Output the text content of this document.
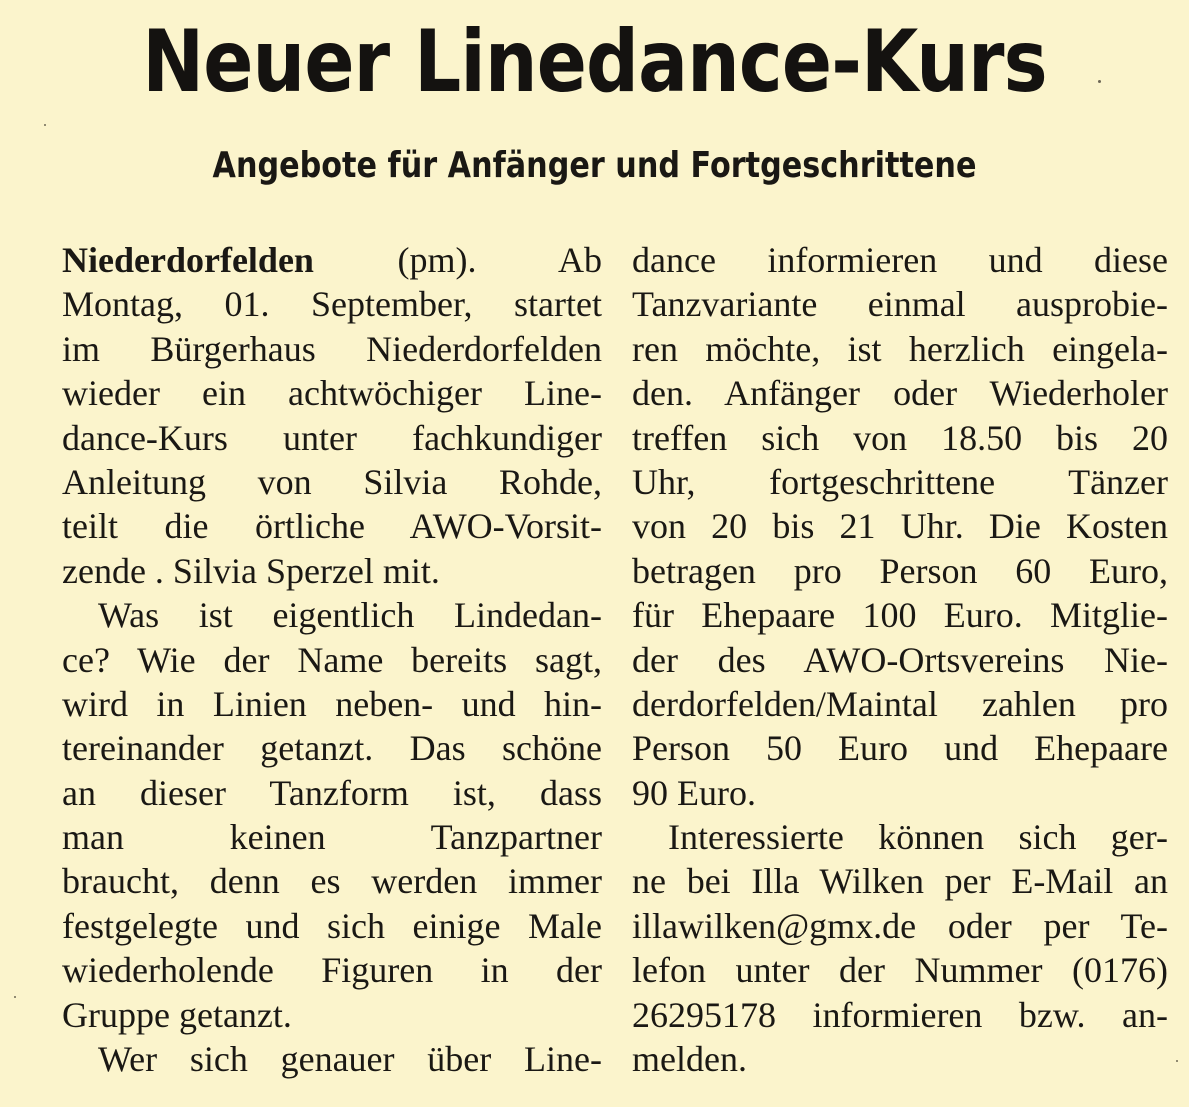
Neuer Linedance-Kurs
Angebote für Anfänger und Fortgeschrittene
Niederdorfelden (pm). Ab
Montag, 01. September, startet
im Bürgerhaus Niederdorfelden
wieder ein achtwöchiger Line-
dance-Kurs unter fachkundiger
Anleitung von Silvia Rohde,
teilt die örtliche AWO-Vorsit-
zende . Silvia Sperzel mit.
Was ist eigentlich Lindedan-
ce? Wie der Name bereits sagt,
wird in Linien neben- und hin-
tereinander getanzt. Das schöne
an dieser Tanzform ist, dass
man keinen Tanzpartner
braucht, denn es werden immer
festgelegte und sich einige Male
wiederholende Figuren in der
Gruppe getanzt.
Wer sich genauer über Line-
dance informieren und diese
Tanzvariante einmal ausprobie-
ren möchte, ist herzlich eingela-
den. Anfänger oder Wiederholer
treffen sich von 18.50 bis 20
Uhr, fortgeschrittene Tänzer
von 20 bis 21 Uhr. Die Kosten
betragen pro Person 60 Euro,
für Ehepaare 100 Euro. Mitglie-
der des AWO-Ortsvereins Nie-
derdorfelden/Maintal zahlen pro
Person 50 Euro und Ehepaare
90 Euro.
Interessierte können sich ger-
ne bei Illa Wilken per E-Mail an
illawilken@gmx.de oder per Te-
lefon unter der Nummer (0176)
26295178 informieren bzw. an-
melden.
